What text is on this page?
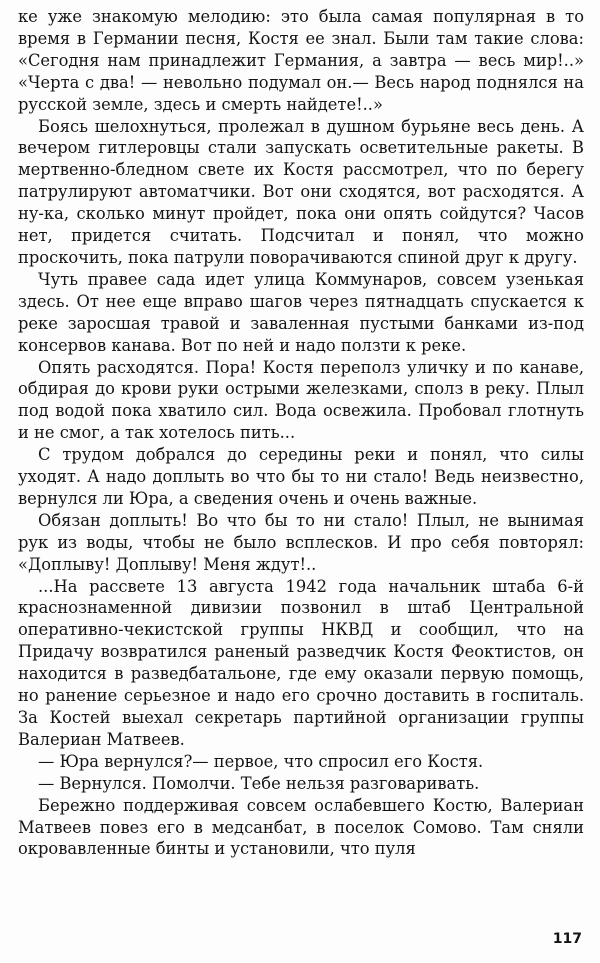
ке уже знакомую мелодию: это была самая популярная в то время в Германии песня, Костя ее знал. Были там такие слова: «Сегодня нам принадлежит Германия, а завтра — весь мир!..» «Черта с два! — невольно подумал он.— Весь народ поднялся на русской земле, здесь и смерть найдете!..»

Боясь шелохнуться, пролежал в душном бурьяне весь день. А вечером гитлеровцы стали запускать осветительные ракеты. В мертвенно-бледном свете их Костя рассмотрел, что по берегу патрулируют автоматчики. Вот они сходятся, вот расходятся. А ну-ка, сколько минут пройдет, пока они опять сойдутся? Часов нет, придется считать. Подсчитал и понял, что можно проскочить, пока патрули поворачиваются спиной друг к другу.

Чуть правее сада идет улица Коммунаров, совсем узенькая здесь. От нее еще вправо шагов через пятнадцать спускается к реке заросшая травой и заваленная пустыми банками из-под консервов канава. Вот по ней и надо ползти к реке.

Опять расходятся. Пора! Костя переполз уличку и по канаве, обдирая до крови руки острыми железками, сполз в реку. Плыл под водой пока хватило сил. Вода освежила. Пробовал глотнуть и не смог, а так хотелось пить...

С трудом добрался до середины реки и понял, что силы уходят. А надо доплыть во что бы то ни стало! Ведь неизвестно, вернулся ли Юра, а сведения очень и очень важные.

Обязан доплыть! Во что бы то ни стало! Плыл, не вынимая рук из воды, чтобы не было всплесков. И про себя повторял: «Доплыву! Доплыву! Меня ждут!..

...На рассвете 13 августа 1942 года начальник штаба 6-й краснознаменной дивизии позвонил в штаб Центральной оперативно-чекистской группы НКВД и сообщил, что на Придачу возвратился раненый разведчик Костя Феоктистов, он находится в разведбатальоне, где ему оказали первую помощь, но ранение серьезное и надо его срочно доставить в госпиталь. За Костей выехал секретарь партийной организации группы Валериан Матвеев.

— Юра вернулся?— первое, что спросил его Костя.

— Вернулся. Помолчи. Тебе нельзя разговаривать.

Бережно поддерживая совсем ослабевшего Костю, Валериан Матвеев повез его в медсанбат, в поселок Сомово. Там сняли окровавленные бинты и установили, что пуля

117
